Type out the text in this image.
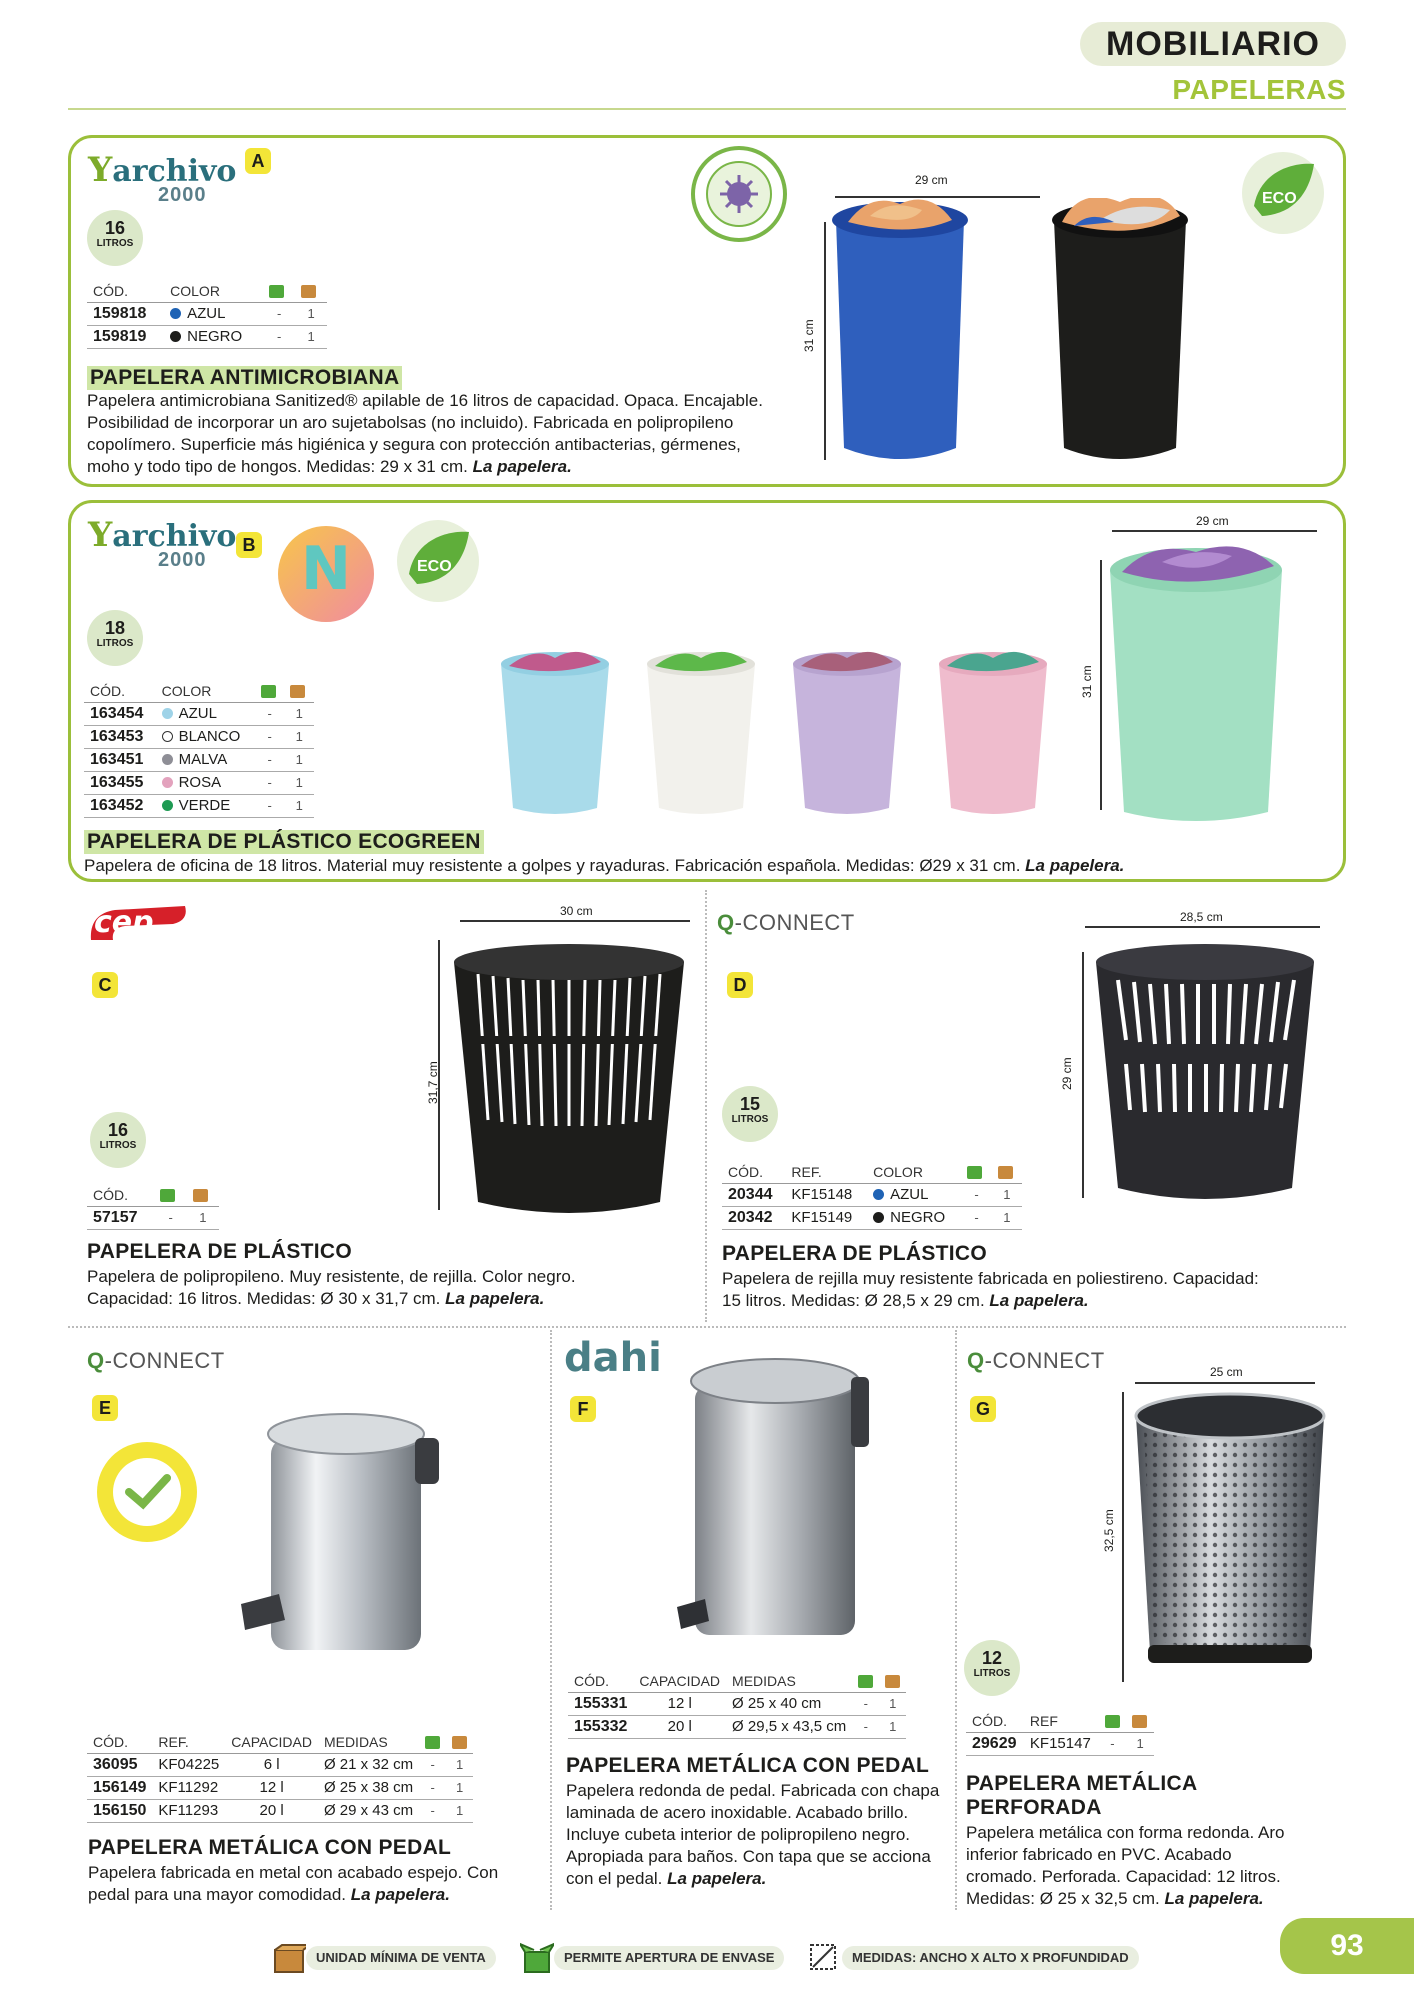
MOBILIARIO
PAPELERAS
Yarchivo
2000
A
ECO
16
LITROS
CÓD.	COLOR		
159818	AZUL	-	1
159819	NEGRO	-	1
PAPELERA ANTIMICROBIANA
Papelera antimicrobiana Sanitized® apilable de 16 litros de capacidad. Opaca. Encajable. Posibilidad de incorporar un aro sujetabolsas (no incluido). Fabricada en polipropileno copolímero. Superficie más higiénica y segura con protección antibacterias, gérmenes, moho y todo tipo de hongos. Medidas: 29 x 31 cm. La papelera.
29 cm
31 cm
Yarchivo
2000
B N	ECO
18
LITROS
CÓD.	COLOR		
163454	AZUL	-	1
163453	BLANCO	-	1
163451	MALVA	-	1
163455	ROSA	-	1
163452	VERDE	-	1
PAPELERA DE PLÁSTICO ECOGREEN
Papelera de oficina de 18 litros. Material muy resistente a golpes y rayaduras. Fabricación española. Medidas: Ø29 x 31 cm. La papelera.
29 cm
31 cm
cep
C
16
LITROS
CÓD.		
57157	-	1
PAPELERA DE PLÁSTICO
Papelera de polipropileno. Muy resistente, de rejilla. Color negro. Capacidad: 16 litros. Medidas: Ø 30 x 31,7 cm. La papelera.
30 cm
31,7 cm
Q-CONNECT
D
15
LITROS
CÓD.	REF.	COLOR		
20344	KF15148	AZUL	-	1
20342	KF15149	NEGRO	-	1
PAPELERA DE PLÁSTICO
Papelera de rejilla muy resistente fabricada en poliestireno. Capacidad: 15 litros. Medidas: Ø 28,5 x 29 cm. La papelera.
28,5 cm
29 cm
Q-CONNECT
E
CÓD.	REF.	CAPACIDAD	MEDIDAS		
36095	KF04225	6 l	Ø 21 x 32 cm	-	1
156149	KF11292	12 l	Ø 25 x 38 cm	-	1
156150	KF11293	20 l	Ø 29 x 43 cm	-	1
PAPELERA METÁLICA CON PEDAL
Papelera fabricada en metal con acabado espejo. Con pedal para una mayor comodidad. La papelera.
dahi
F
CÓD.	CAPACIDAD	MEDIDAS		
155331	12 l	Ø 25 x 40 cm	-	1
155332	20 l	Ø 29,5 x 43,5 cm	-	1
PAPELERA METÁLICA CON PEDAL
Papelera redonda de pedal. Fabricada con chapa laminada de acero inoxidable. Acabado brillo. Incluye cubeta interior de polipropileno negro. Apropiada para baños. Con tapa que se acciona con el pedal. La papelera.
Q-CONNECT
G
25 cm
32,5 cm
12
LITROS
CÓD.	REF		
29629	KF15147	-	1
PAPELERA METÁLICA
PERFORADA
Papelera metálica con forma redonda. Aro inferior fabricado en PVC. Acabado cromado. Perforada. Capacidad: 12 litros. Medidas: Ø 25 x 32,5 cm. La papelera.
UNIDAD MÍNIMA DE VENTA	PERMITE APERTURA DE ENVASE	MEDIDAS: ANCHO X ALTO X PROFUNDIDAD	93
